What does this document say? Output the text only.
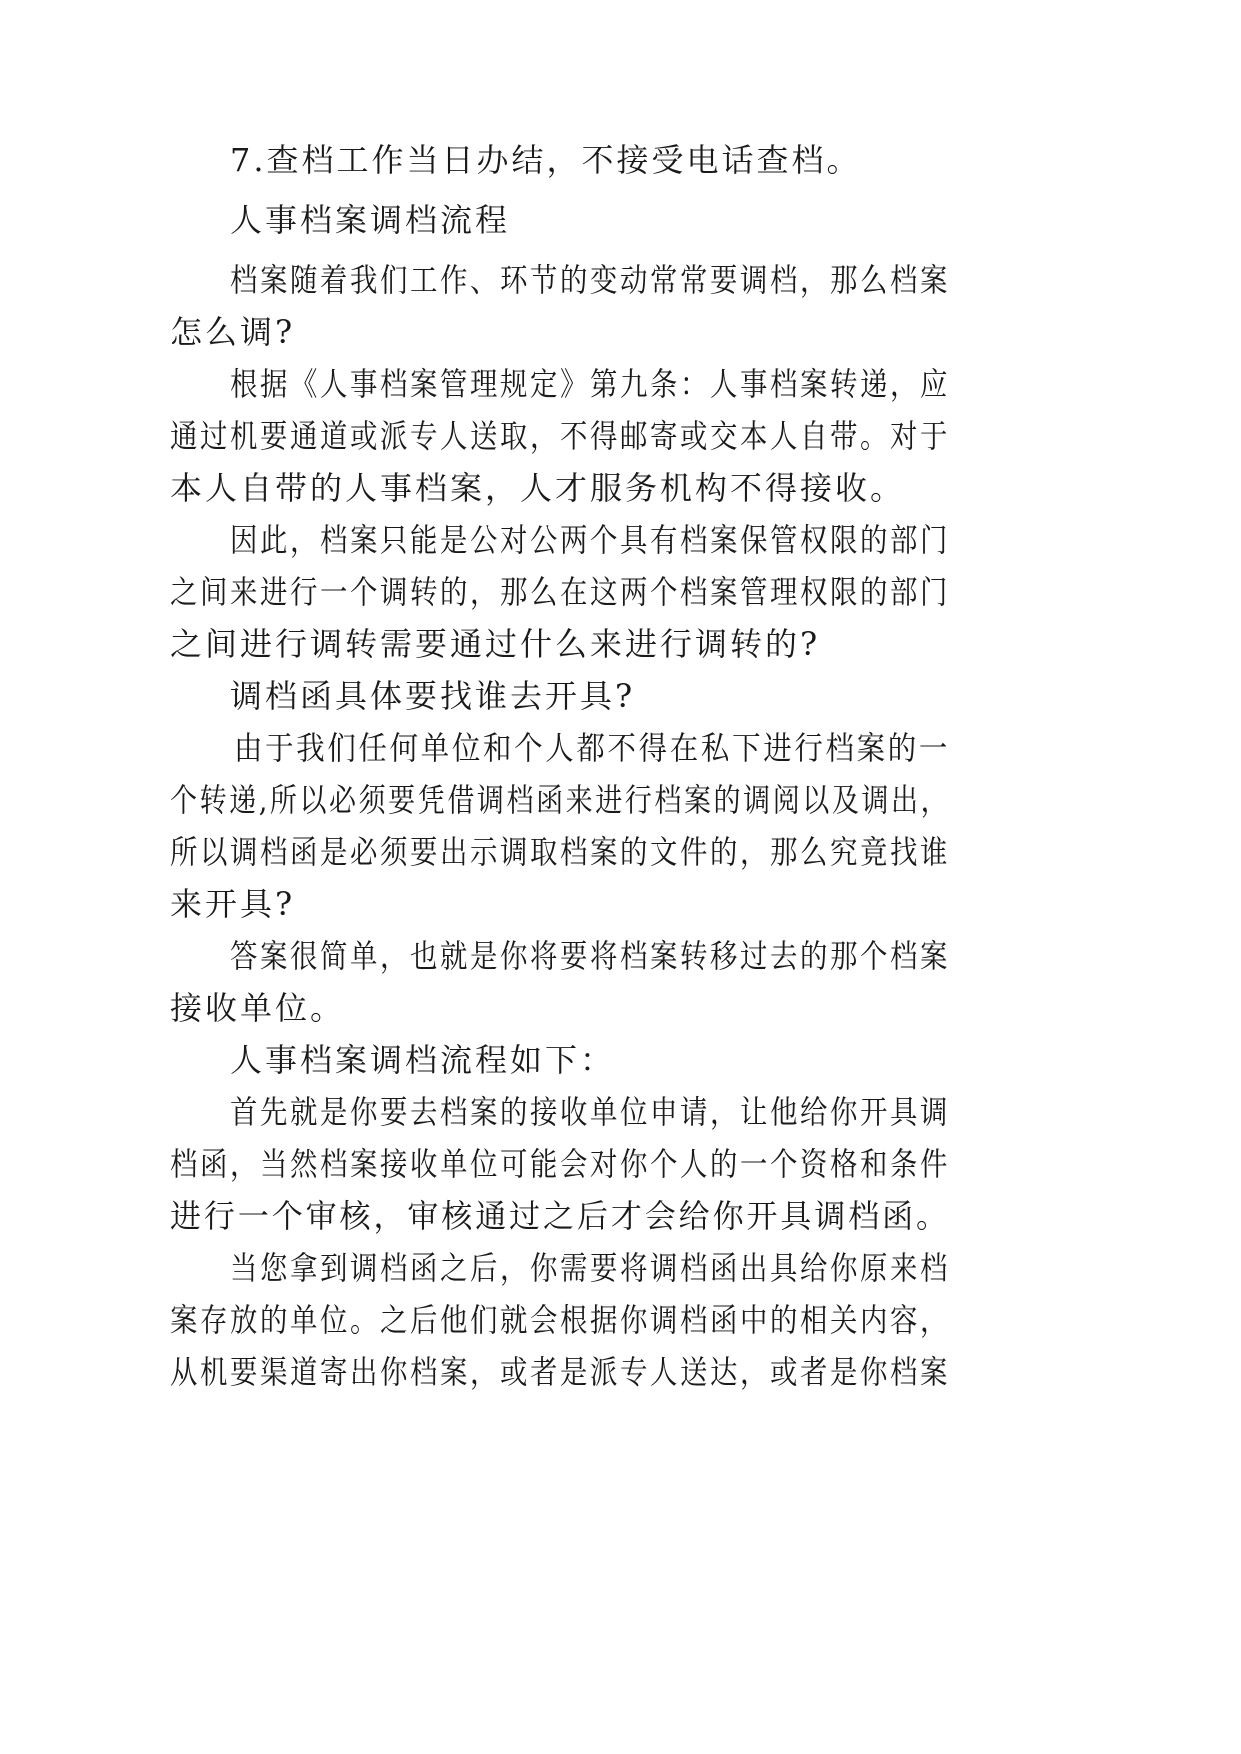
7.查档工作当日办结，不接受电话查档。

人事档案调档流程

档案随着我们工作、环节的变动常常要调档，那么档案

怎么调?

根据《人事档案管理规定》第九条：人事档案转递，应

通过机要通道或派专人送取，不得邮寄或交本人自带。对于

本人自带的人事档案，人才服务机构不得接收。

因此，档案只能是公对公两个具有档案保管权限的部门

之间来进行一个调转的，那么在这两个档案管理权限的部门

之间进行调转需要通过什么来进行调转的?

调档函具体要找谁去开具?

由于我们任何单位和个人都不得在私下进行档案的一

个转递,所以必须要凭借调档函来进行档案的调阅以及调出，

所以调档函是必须要出示调取档案的文件的，那么究竟找谁

来开具?

答案很简单，也就是你将要将档案转移过去的那个档案

接收单位。

人事档案调档流程如下：

首先就是你要去档案的接收单位申请，让他给你开具调

档函，当然档案接收单位可能会对你个人的一个资格和条件

进行一个审核，审核通过之后才会给你开具调档函。

当您拿到调档函之后，你需要将调档函出具给你原来档

案存放的单位。之后他们就会根据你调档函中的相关内容，

从机要渠道寄出你档案，或者是派专人送达，或者是你档案
